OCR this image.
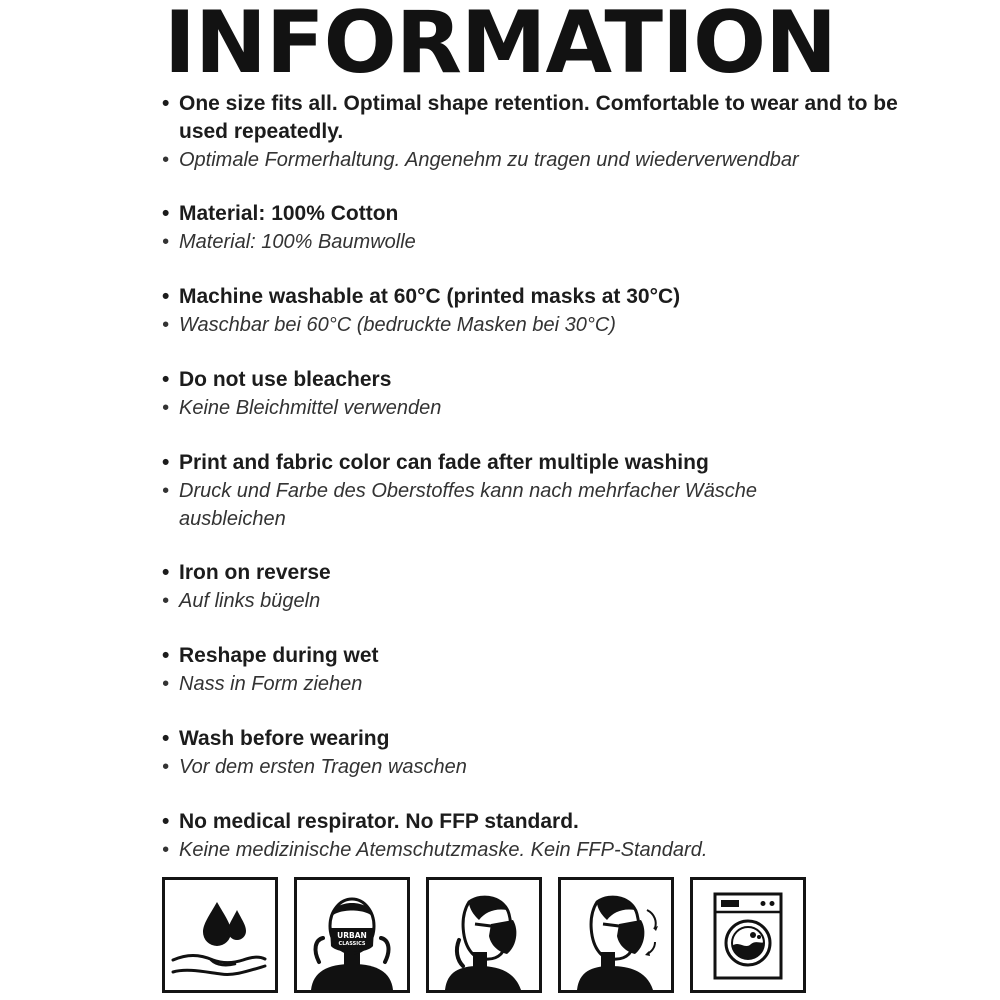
INFORMATION
• One size fits all. Optimal shape retention. Comfortable to wear and to be used repeatedly.
• Optimale Formerhaltung. Angenehm zu tragen und wiederverwendbar
• Material: 100% Cotton
• Material: 100% Baumwolle
• Machine washable at 60°C (printed masks at 30°C)
• Waschbar bei 60°C (bedruckte Masken bei 30°C)
• Do not use bleachers
• Keine Bleichmittel verwenden
• Print and fabric color can fade after multiple washing
• Druck und Farbe des Oberstoffes kann nach mehrfacher Wäsche ausbleichen
• Iron on reverse
• Auf links bügeln
• Reshape during wet
• Nass in Form ziehen
• Wash before wearing
• Vor dem ersten Tragen waschen
• No medical respirator. No FFP standard.
• Keine medizinische Atemschutzmaske. Kein FFP-Standard.
URBAN
CLASSICS
